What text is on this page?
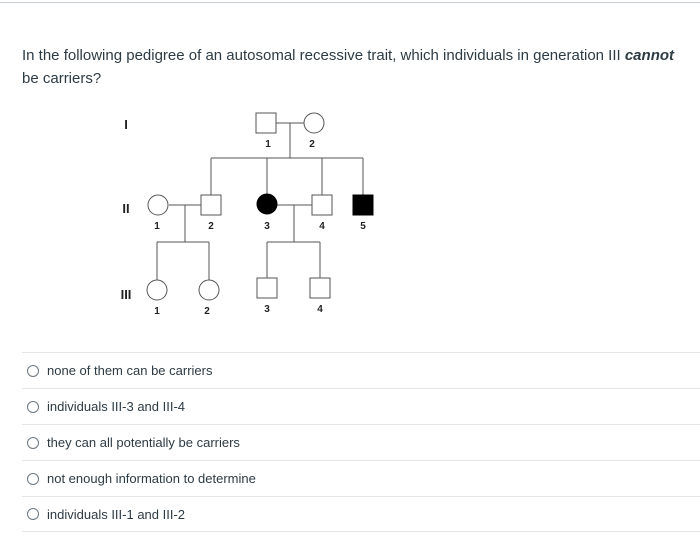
In the following pedigree of an autosomal recessive trait, which individuals in generation III cannot be carriers?
I
II
III
1	2
1	2	3	4	5
1	2	3	4
none of them can be carriers
individuals III-3 and III-4
they can all potentially be carriers
not enough information to determine
individuals III-1 and III-2
